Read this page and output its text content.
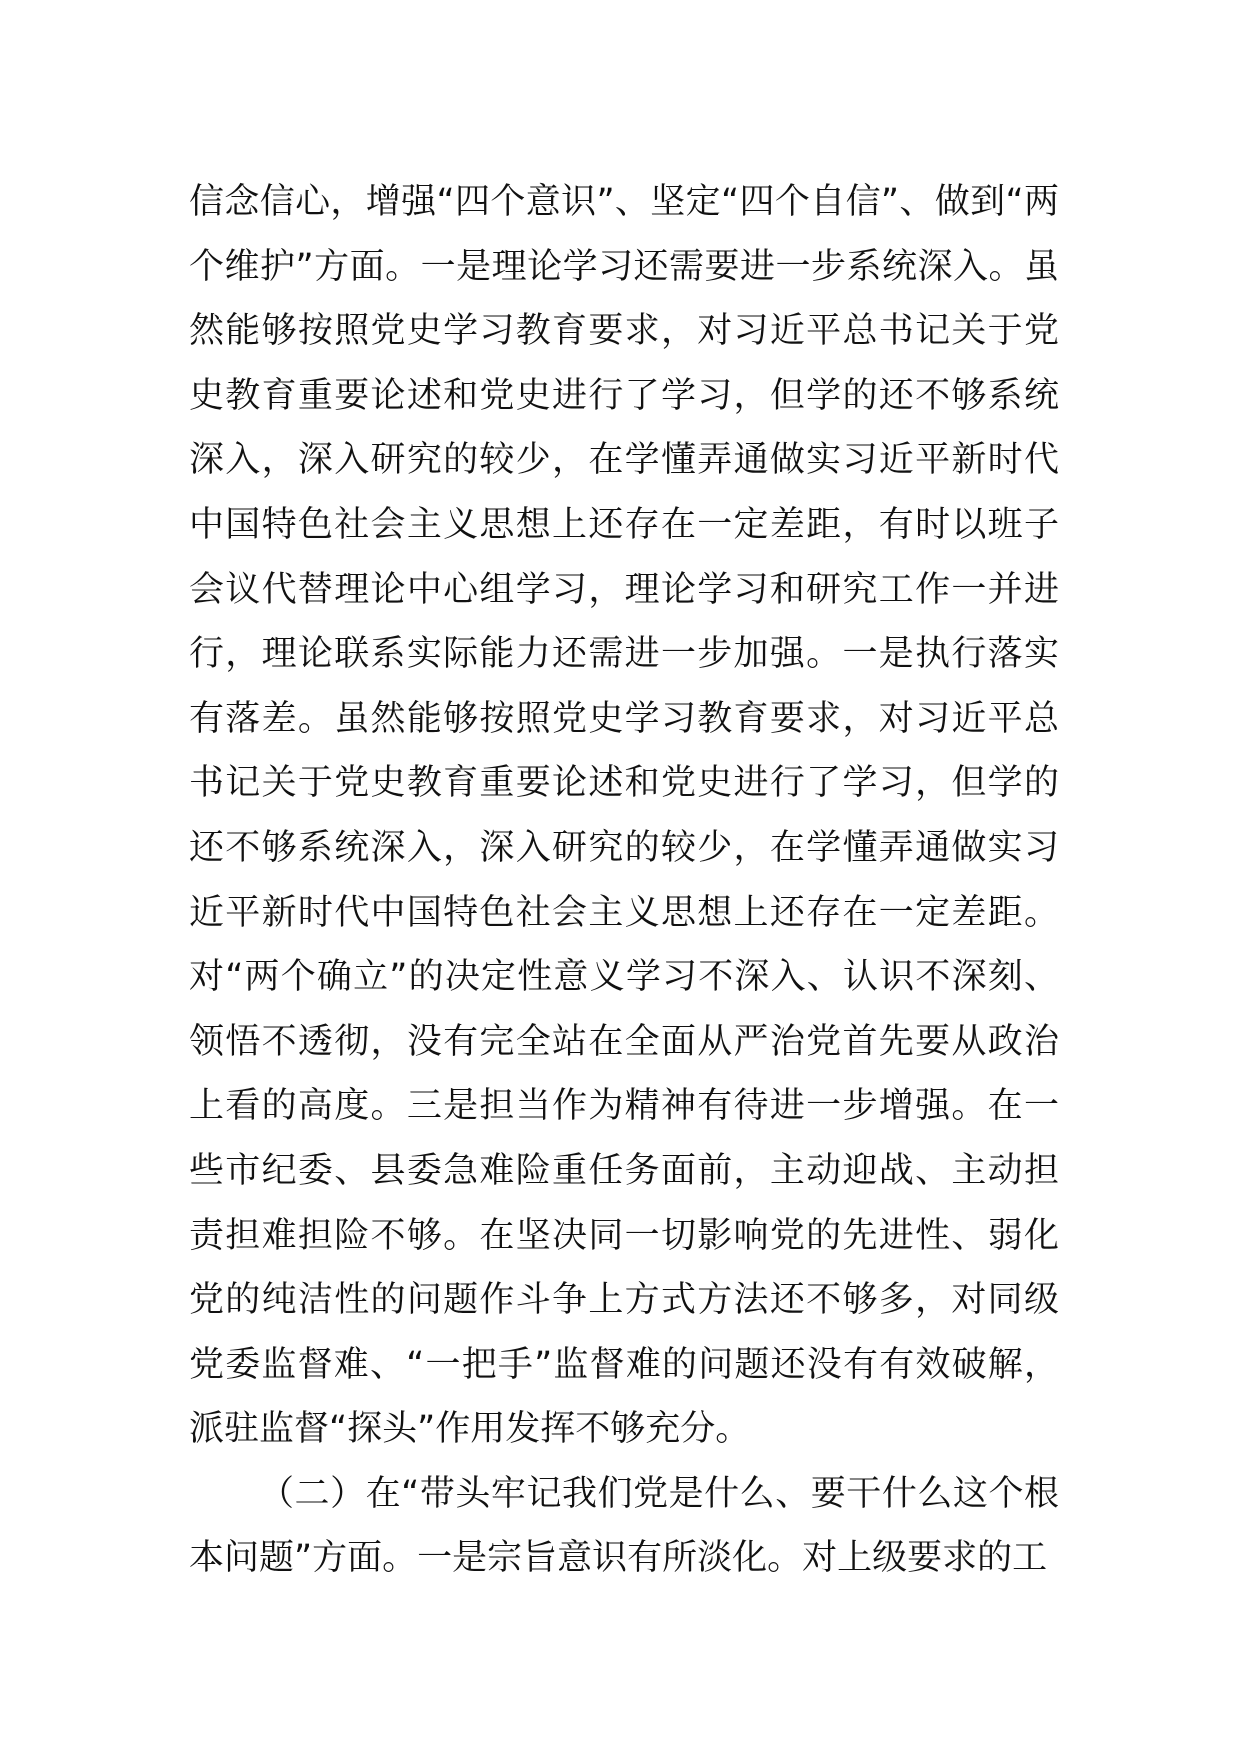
信念信心，增强“四个意识”、坚定“四个自信”、做到“两个维护”方面。一是理论学习还需要进一步系统深入。虽然能够按照党史学习教育要求，对习近平总书记关于党史教育重要论述和党史进行了学习，但学的还不够系统深入，深入研究的较少，在学懂弄通做实习近平新时代中国特色社会主义思想上还存在一定差距，有时以班子会议代替理论中心组学习，理论学习和研究工作一并进行，理论联系实际能力还需进一步加强。一是执行落实有落差。虽然能够按照党史学习教育要求，对习近平总书记关于党史教育重要论述和党史进行了学习，但学的还不够系统深入，深入研究的较少，在学懂弄通做实习近平新时代中国特色社会主义思想上还存在一定差距。对“两个确立”的决定性意义学习不深入、认识不深刻、领悟不透彻，没有完全站在全面从严治党首先要从政治上看的高度。三是担当作为精神有待进一步增强。在一些市纪委、县委急难险重任务面前，主动迎战、主动担责担难担险不够。在坚决同一切影响党的先进性、弱化党的纯洁性的问题作斗争上方式方法还不够多，对同级党委监督难、“一把手”监督难的问题还没有有效破解，派驻监督“探头”作用发挥不够充分。

（二）在“带头牢记我们党是什么、要干什么这个根本问题”方面。一是宗旨意识有所淡化。对上级要求的工
